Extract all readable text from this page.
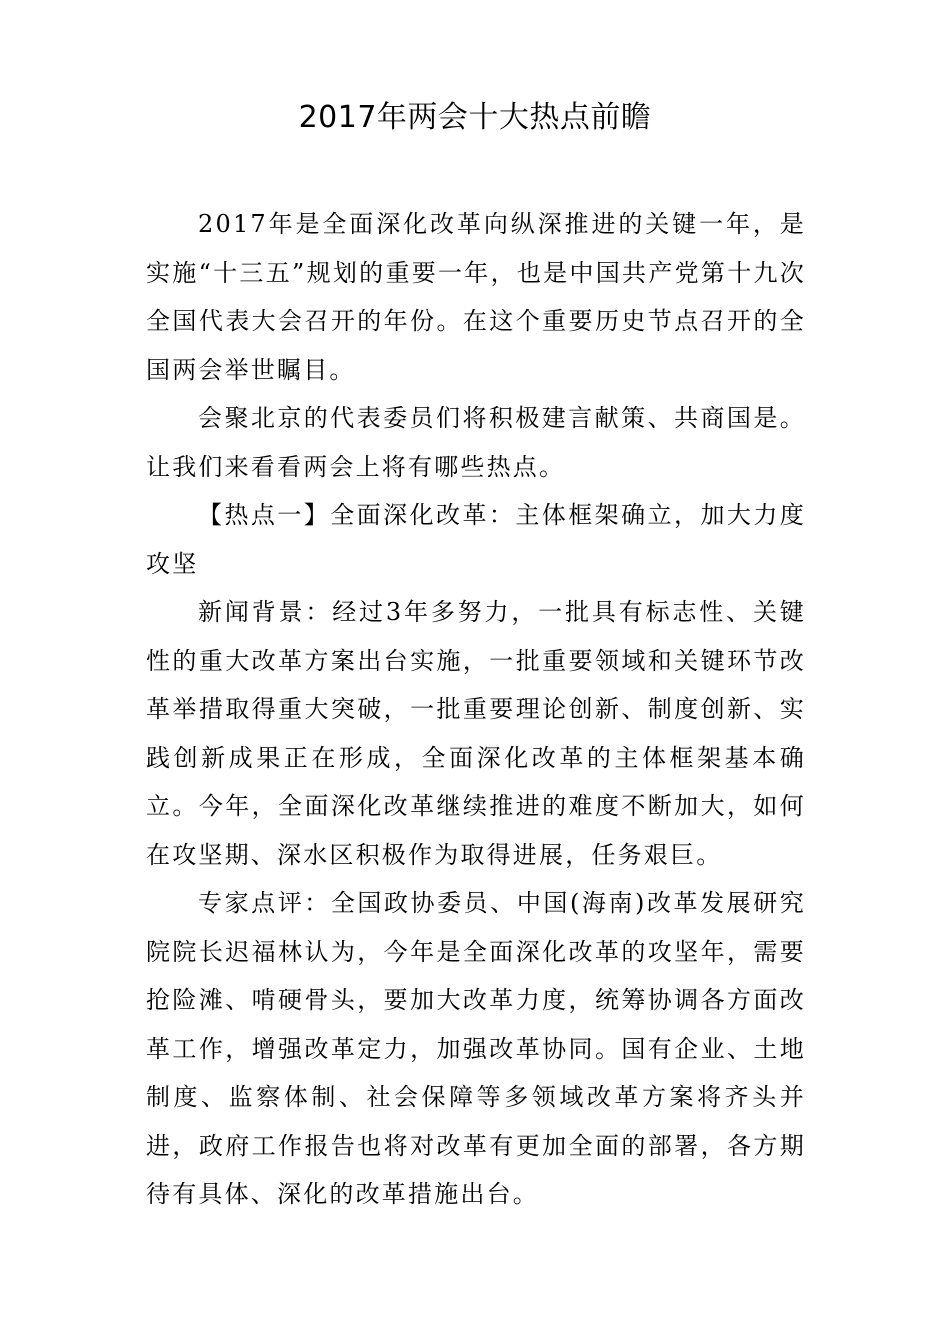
2017年两会十大热点前瞻

2017年是全面深化改革向纵深推进的关键一年，是实施“十三五”规划的重要一年，也是中国共产党第十九次全国代表大会召开的年份。在这个重要历史节点召开的全国两会举世瞩目。

会聚北京的代表委员们将积极建言献策、共商国是。让我们来看看两会上将有哪些热点。

【热点一】全面深化改革：主体框架确立，加大力度攻坚

新闻背景：经过3年多努力，一批具有标志性、关键性的重大改革方案出台实施，一批重要领域和关键环节改革举措取得重大突破，一批重要理论创新、制度创新、实践创新成果正在形成，全面深化改革的主体框架基本确立。今年，全面深化改革继续推进的难度不断加大，如何在攻坚期、深水区积极作为取得进展，任务艰巨。

专家点评：全国政协委员、中国(海南)改革发展研究院院长迟福林认为，今年是全面深化改革的攻坚年，需要抢险滩、啃硬骨头，要加大改革力度，统筹协调各方面改革工作，增强改革定力，加强改革协同。国有企业、土地制度、监察体制、社会保障等多领域改革方案将齐头并进，政府工作报告也将对改革有更加全面的部署，各方期待有具体、深化的改革措施出台。
